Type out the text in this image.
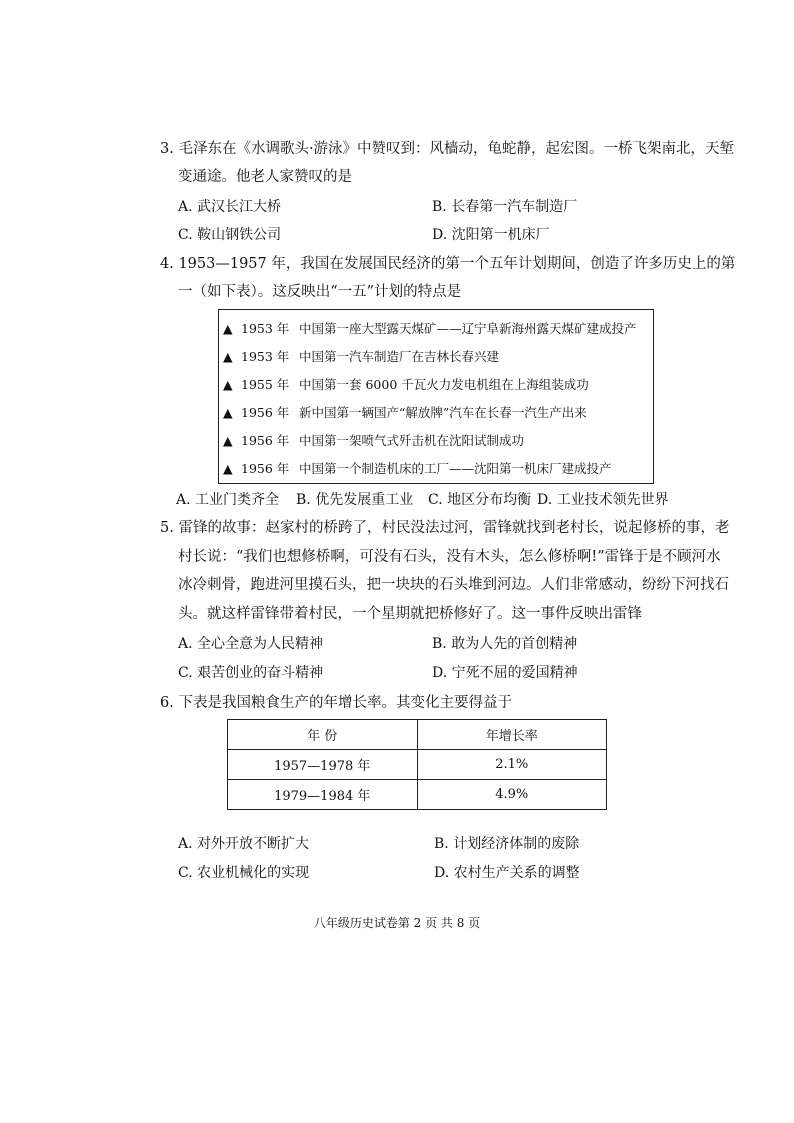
3. 毛泽东在《水调歌头·游泳》中赞叹到：风樯动，龟蛇静，起宏图。一桥飞架南北，天堑
变通途。他老人家赞叹的是
A. 武汉长江大桥	B. 长春第一汽车制造厂
C. 鞍山钢铁公司	D. 沈阳第一机床厂
4. 1953—1957 年，我国在发展国民经济的第一个五年计划期间，创造了许多历史上的第
一（如下表）。这反映出“一五”计划的特点是
▲ 1953 年 中国第一座大型露天煤矿——辽宁阜新海州露天煤矿建成投产
▲ 1953 年 中国第一汽车制造厂在吉林长春兴建
▲ 1955 年 中国第一套 6000 千瓦火力发电机组在上海组装成功
▲ 1956 年 新中国第一辆国产“解放牌”汽车在长春一汽生产出来
▲ 1956 年 中国第一架喷气式歼击机在沈阳试制成功
▲ 1956 年 中国第一个制造机床的工厂——沈阳第一机床厂建成投产
A. 工业门类齐全 B. 优先发展重工业 C. 地区分布均衡 D. 工业技术领先世界
5. 雷锋的故事：赵家村的桥跨了，村民没法过河，雷锋就找到老村长，说起修桥的事，老
村长说：“我们也想修桥啊，可没有石头，没有木头，怎么修桥啊!”雷锋于是不顾河水
冰冷刺骨，跑进河里摸石头，把一块块的石头堆到河边。人们非常感动，纷纷下河找石
头。就这样雷锋带着村民，一个星期就把桥修好了。这一事件反映出雷锋
A. 全心全意为人民精神	B. 敢为人先的首创精神
C. 艰苦创业的奋斗精神	D. 宁死不屈的爱国精神
6. 下表是我国粮食生产的年增长率。其变化主要得益于
年 份	年增长率
1957—1978 年	2.1%
1979—1984 年	4.9%
A. 对外开放不断扩大	B. 计划经济体制的废除
C. 农业机械化的实现	D. 农村生产关系的调整
八年级历史试卷第 2 页 共 8 页
